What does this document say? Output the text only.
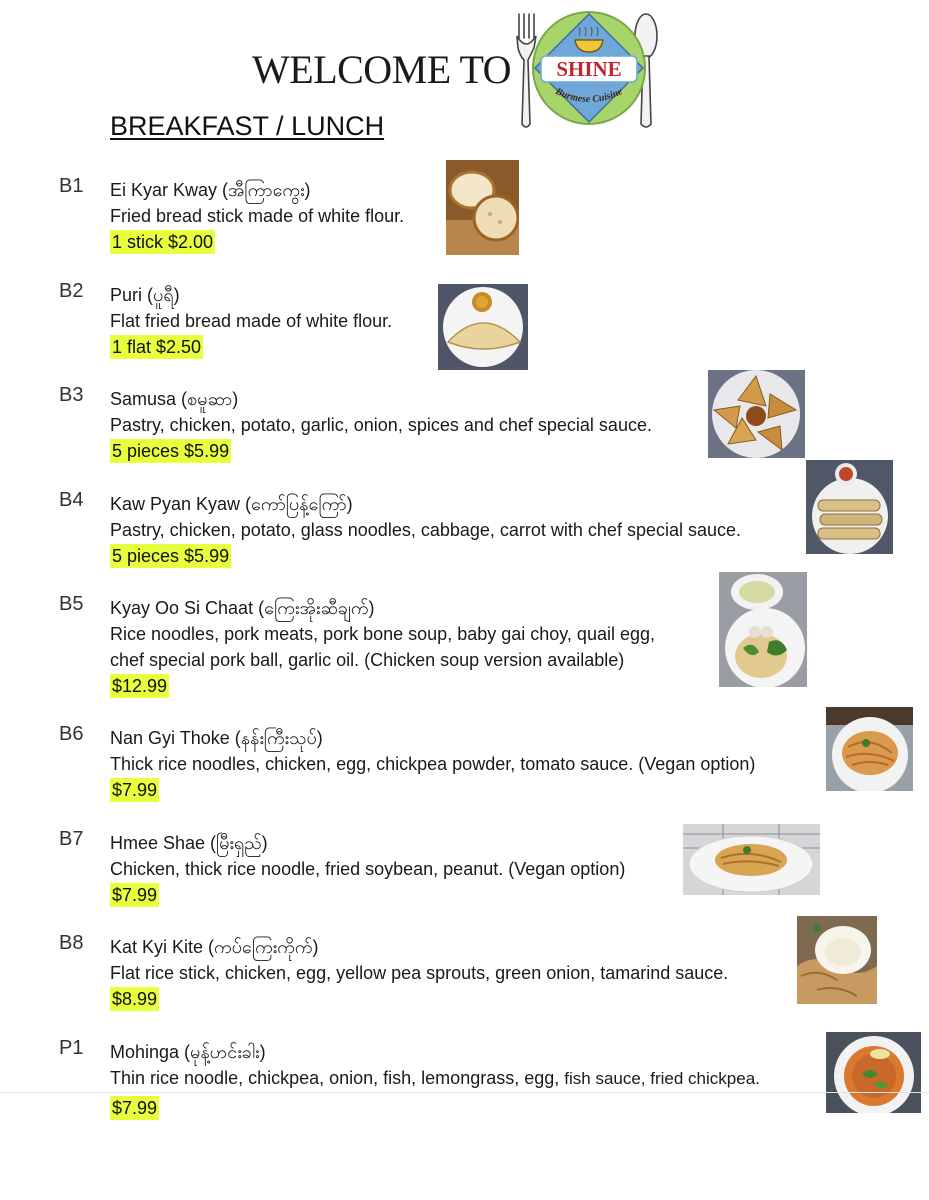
WELCOME TO SHINE
Burmese Cuisine
BREAKFAST / LUNCH
B1 Ei Kyar Kway (အီကြာကွေး)
Fried bread stick made of white flour.
1 stick $2.00
B2 Puri (ပူရီ)
Flat fried bread made of white flour.
1 flat $2.50
B3 Samusa (စမူဆာ)
Pastry, chicken, potato, garlic, onion, spices and chef special sauce.
5 pieces $5.99
B4 Kaw Pyan Kyaw (ကော်ပြန့်ကြော်)
Pastry, chicken, potato, glass noodles, cabbage, carrot with chef special sauce.
5 pieces $5.99
B5 Kyay Oo Si Chaat (ကြေးအိုးဆီချက်)
Rice noodles, pork meats, pork bone soup, baby gai choy, quail egg,
chef special pork ball, garlic oil. (Chicken soup version available)
$12.99
B6 Nan Gyi Thoke (နန်းကြီးသုပ်)
Thick rice noodles, chicken, egg, chickpea powder, tomato sauce. (Vegan option)
$7.99
B7 Hmee Shae (မြီးရှည်)
Chicken, thick rice noodle, fried soybean, peanut. (Vegan option)
$7.99
B8 Kat Kyi Kite (ကပ်ကြေးကိုက်)
Flat rice stick, chicken, egg, yellow pea sprouts, green onion, tamarind sauce.
$8.99
P1 Mohinga (မုန့်ဟင်းခါး)
Thin rice noodle, chickpea, onion, fish, lemongrass, egg, fish sauce, fried chickpea.
$7.99
